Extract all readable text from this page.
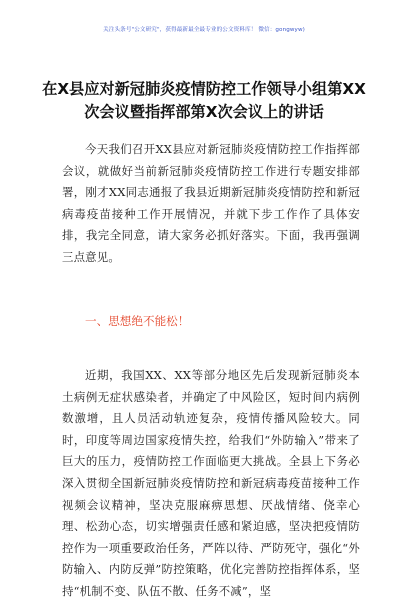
关注头条号"公文研究"，获得最新最全最专业的公文资料库！ 微信：gongwyw)
在X县应对新冠肺炎疫情防控工作领导小组第XX次会议暨指挥部第X次会议上的讲话

今天我们召开XX县应对新冠肺炎疫情防控工作指挥部会议，就做好当前新冠肺炎疫情防控工作进行专题安排部署，刚才XX同志通报了我县近期新冠肺炎疫情防控和新冠病毒疫苗接种工作开展情况，并就下步工作作了具体安排，我完全同意，请大家务必抓好落实。下面，我再强调三点意见。

一、思想绝不能松！

近期，我国XX、XX等部分地区先后发现新冠肺炎本土病例无症状感染者，并确定了中风险区，短时间内病例数激增，且人员活动轨迹复杂，疫情传播风险较大。同时，印度等周边国家疫情失控，给我们“外防输入”带来了巨大的压力，疫情防控工作面临更大挑战。全县上下务必深入贯彻全国新冠肺炎疫情防控和新冠病毒疫苗接种工作视频会议精神，坚决克服麻痹思想、厌战情绪、侥幸心理、松劲心态，切实增强责任感和紧迫感，坚决把疫情防控作为一项重要政治任务，严阵以待、严防死守，强化“外防输入、内防反弹”防控策略，优化完善防控指挥体系，坚持“机制不变、队伍不散、任务不减”，坚
